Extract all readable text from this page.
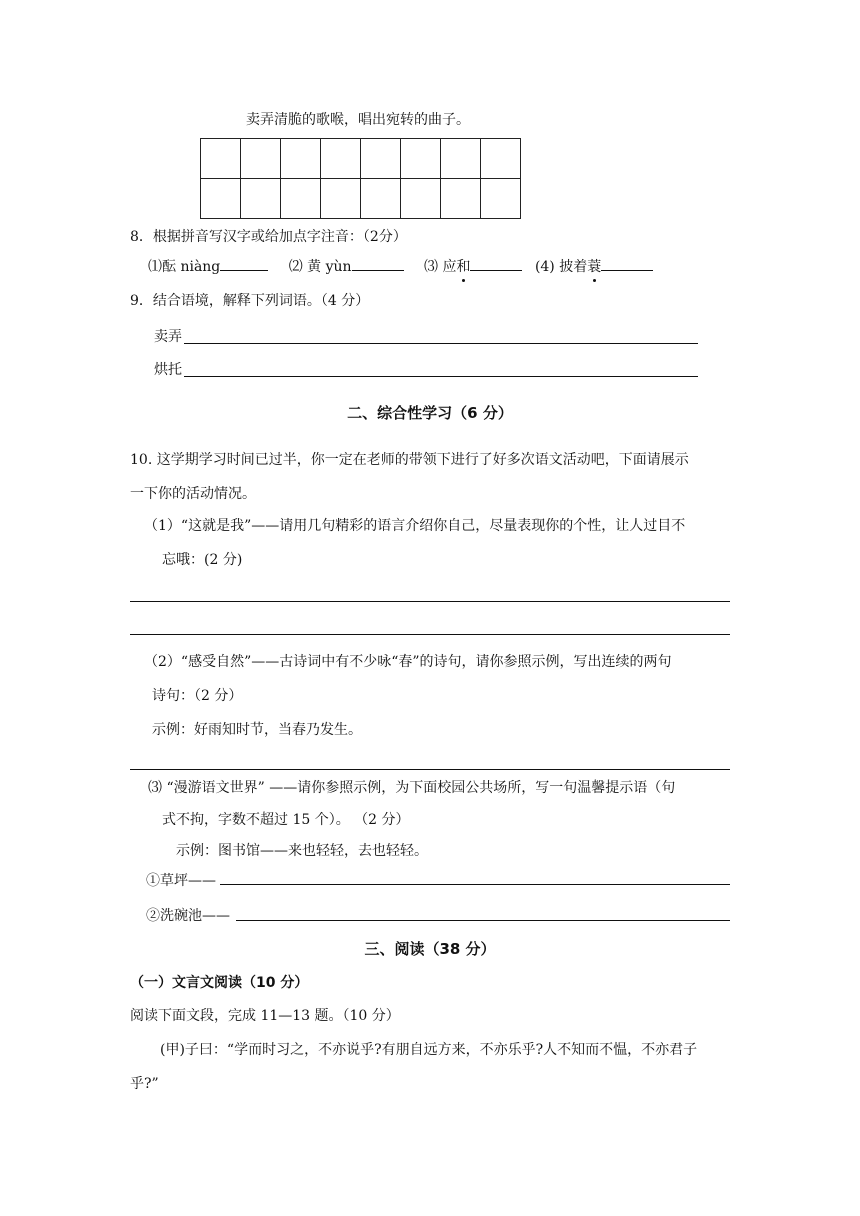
卖弄清脆的歌喉，唱出宛转的曲子。

8．根据拼音写汉字或给加点字注音：（2分）
⑴酝 niàng	⑵ 黄 yùn	⑶ 应和	(4) 披着蓑
9．结合语境，解释下列词语。（4 分）
卖弄
烘托
二、综合性学习（6 分）
10. 这学期学习时间已过半，你一定在老师的带领下进行了好多次语文活动吧，下面请展示
一下你的活动情况。
（1）“这就是我”——请用几句精彩的语言介绍你自己，尽量表现你的个性，让人过目不
忘哦：(2 分)
（2）“感受自然”——古诗词中有不少咏“春”的诗句，请你参照示例，写出连续的两句
诗句：（2 分）
示例：好雨知时节，当春乃发生。
⑶ “漫游语文世界” ——请你参照示例，为下面校园公共场所，写一句温馨提示语（句
式不拘，字数不超过 15 个）。 （2 分）
示例：图书馆——来也轻轻，去也轻轻。
①草坪——
②洗碗池——
三、阅读（38 分）
（一）文言文阅读（10 分）
阅读下面文段，完成 11—13 题。（10 分）
(甲)子曰：“学而时习之，不亦说乎?有朋自远方来，不亦乐乎?人不知而不愠，不亦君子
乎?”
